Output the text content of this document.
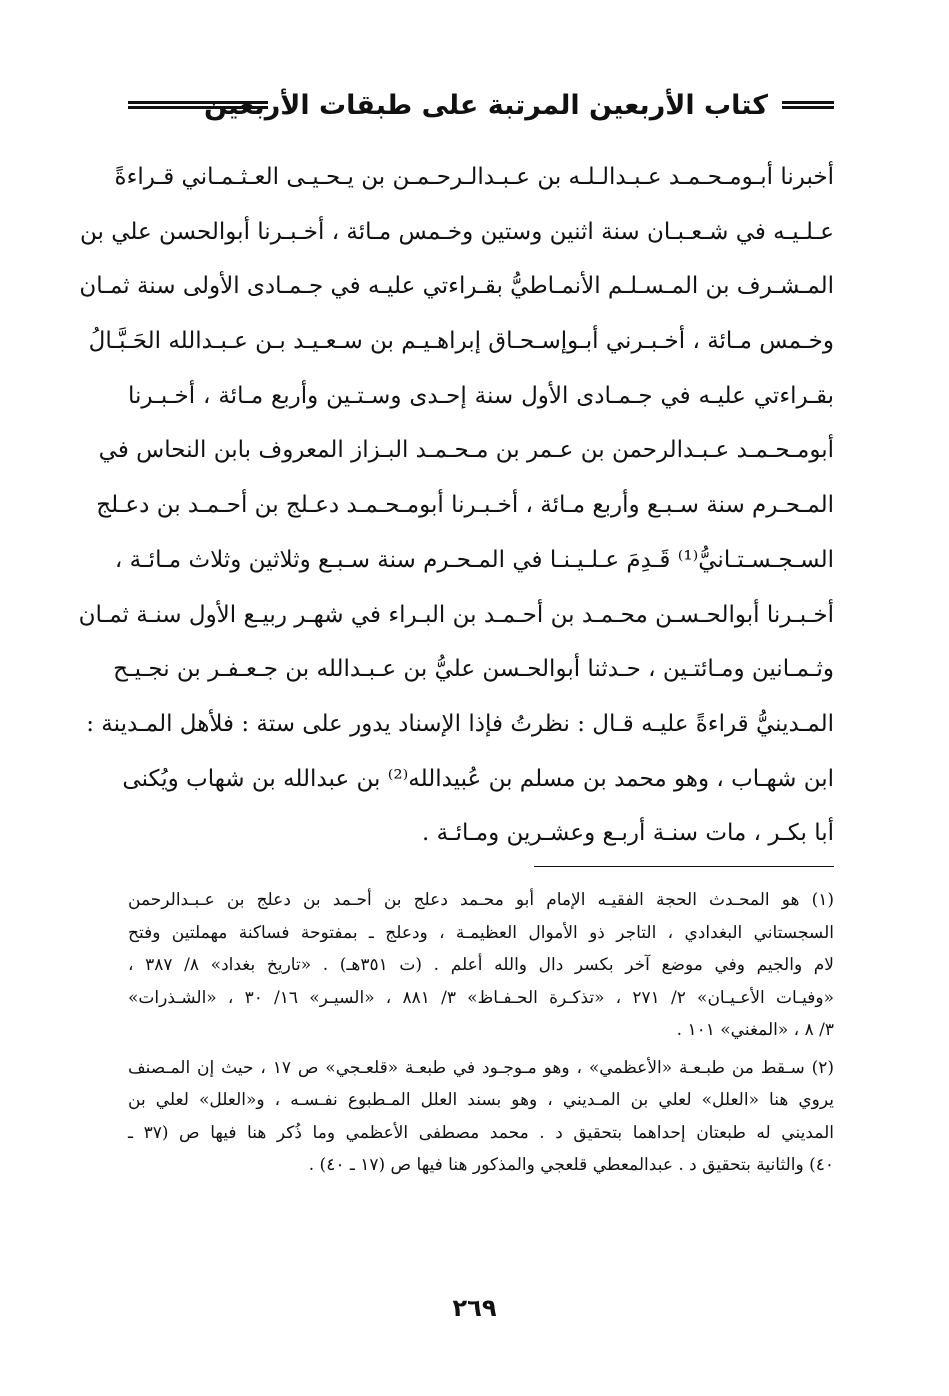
كتاب الأربعين المرتبة على طبقات الأربعين
أخبرنا أبـومـحـمـد عـبـدالـلـه بن عـبـدالـرحـمـن بن يـحـيـى العـثـمـاني قـراءةً
عـلـيـه في شـعـبـان سنة اثنين وستين وخـمس مـائة ، أخـبـرنا أبوالحسن علي بن
المـشـرف بن المـسـلـم الأنمـاطيُّ بقـراءتي عليـه في جـمـادى الأولى سنة ثمـان
وخـمس مـائة ، أخـبـرني أبـوإسـحـاق إبراهـيـم بن سـعـيـد بـن عـبـدالله الحَـبَّـالُ
بقـراءتي عليـه في جـمـادى الأول سنة إحـدى وسـتـين وأربع مـائة ، أخـبـرنا
أبومـحـمـد عـبـدالرحمن بن عـمر بن مـحـمـد البـزاز المعروف بابن النحاس في
المـحـرم سنة سـبـع وأربع مـائة ، أخـبـرنا أبومـحـمـد دعـلج بن أحـمـد بن دعـلج
السـجـسـتـانيُّ⁽¹⁾ قَـدِمَ عـلـيـنـا في المـحـرم سنة سـبـع وثلاثين وثلاث مـائـة ،
أخـبـرنا أبوالحـسـن محـمـد بن أحـمـد بن البـراء في شهـر ربيـع الأول سنـة ثمـان
وثـمـانين ومـائتـين ، حـدثنا أبوالحـسن عليُّ بن عـبـدالله بن جـعـفـر بن نجـيـح
المـدينيُّ قراءةً عليـه قـال : نظرتُ فإذا الإسناد يدور على ستة : فلأهل المـدينة :
ابن شهـاب ، وهو محمد بن مسلم بن عُبيدالله⁽²⁾ بن عبدالله بن شهاب ويُكنى
أبا بكـر ، مات سنـة أربـع وعشـرين ومـائـة .
(١) هو المحـدث الحجة الفقيـه الإمام أبو محـمد دعلج بن أحـمد بن دعلج بن عـبـدالرحمن
السجستاني البغدادي ، التاجر ذو الأموال العظيمـة ، ودعلج ـ بمفتوحة فساكنة مهملتين وفتح
لام والجيم وفي موضع آخر بكسر دال والله أعلم . (ت ٣٥١هـ) . «تاريخ بغداد» ٨/ ٣٨٧ ،
«وفيـات الأعـيـان» ٢/ ٢٧١ ، «تذكـرة الحـفـاظ» ٣/ ٨٨١ ، «السيـر» ١٦/ ٣٠ ، «الشـذرات»
٣/ ٨ ، «المغني» ١٠١ .
(٢) سـقط من طبـعـة «الأعظمي» ، وهو مـوجـود في طبعـة «قلعـجي» ص ١٧ ، حيث إن المـصنف
يروي هنا «العلل» لعلي بن المـديني ، وهو بسند العلل المـطبوع نفـسـه ، و«العلل» لعلي بن
المديني له طبعتان إحداهما بتحقيق د . محمد مصطفى الأعظمي وما ذُكر هنا فيها ص (٣٧ ـ
٤٠) والثانية بتحقيق د . عبدالمعطي قلعجي والمذكور هنا فيها ص (١٧ ـ ٤٠) .
٢٦٩
